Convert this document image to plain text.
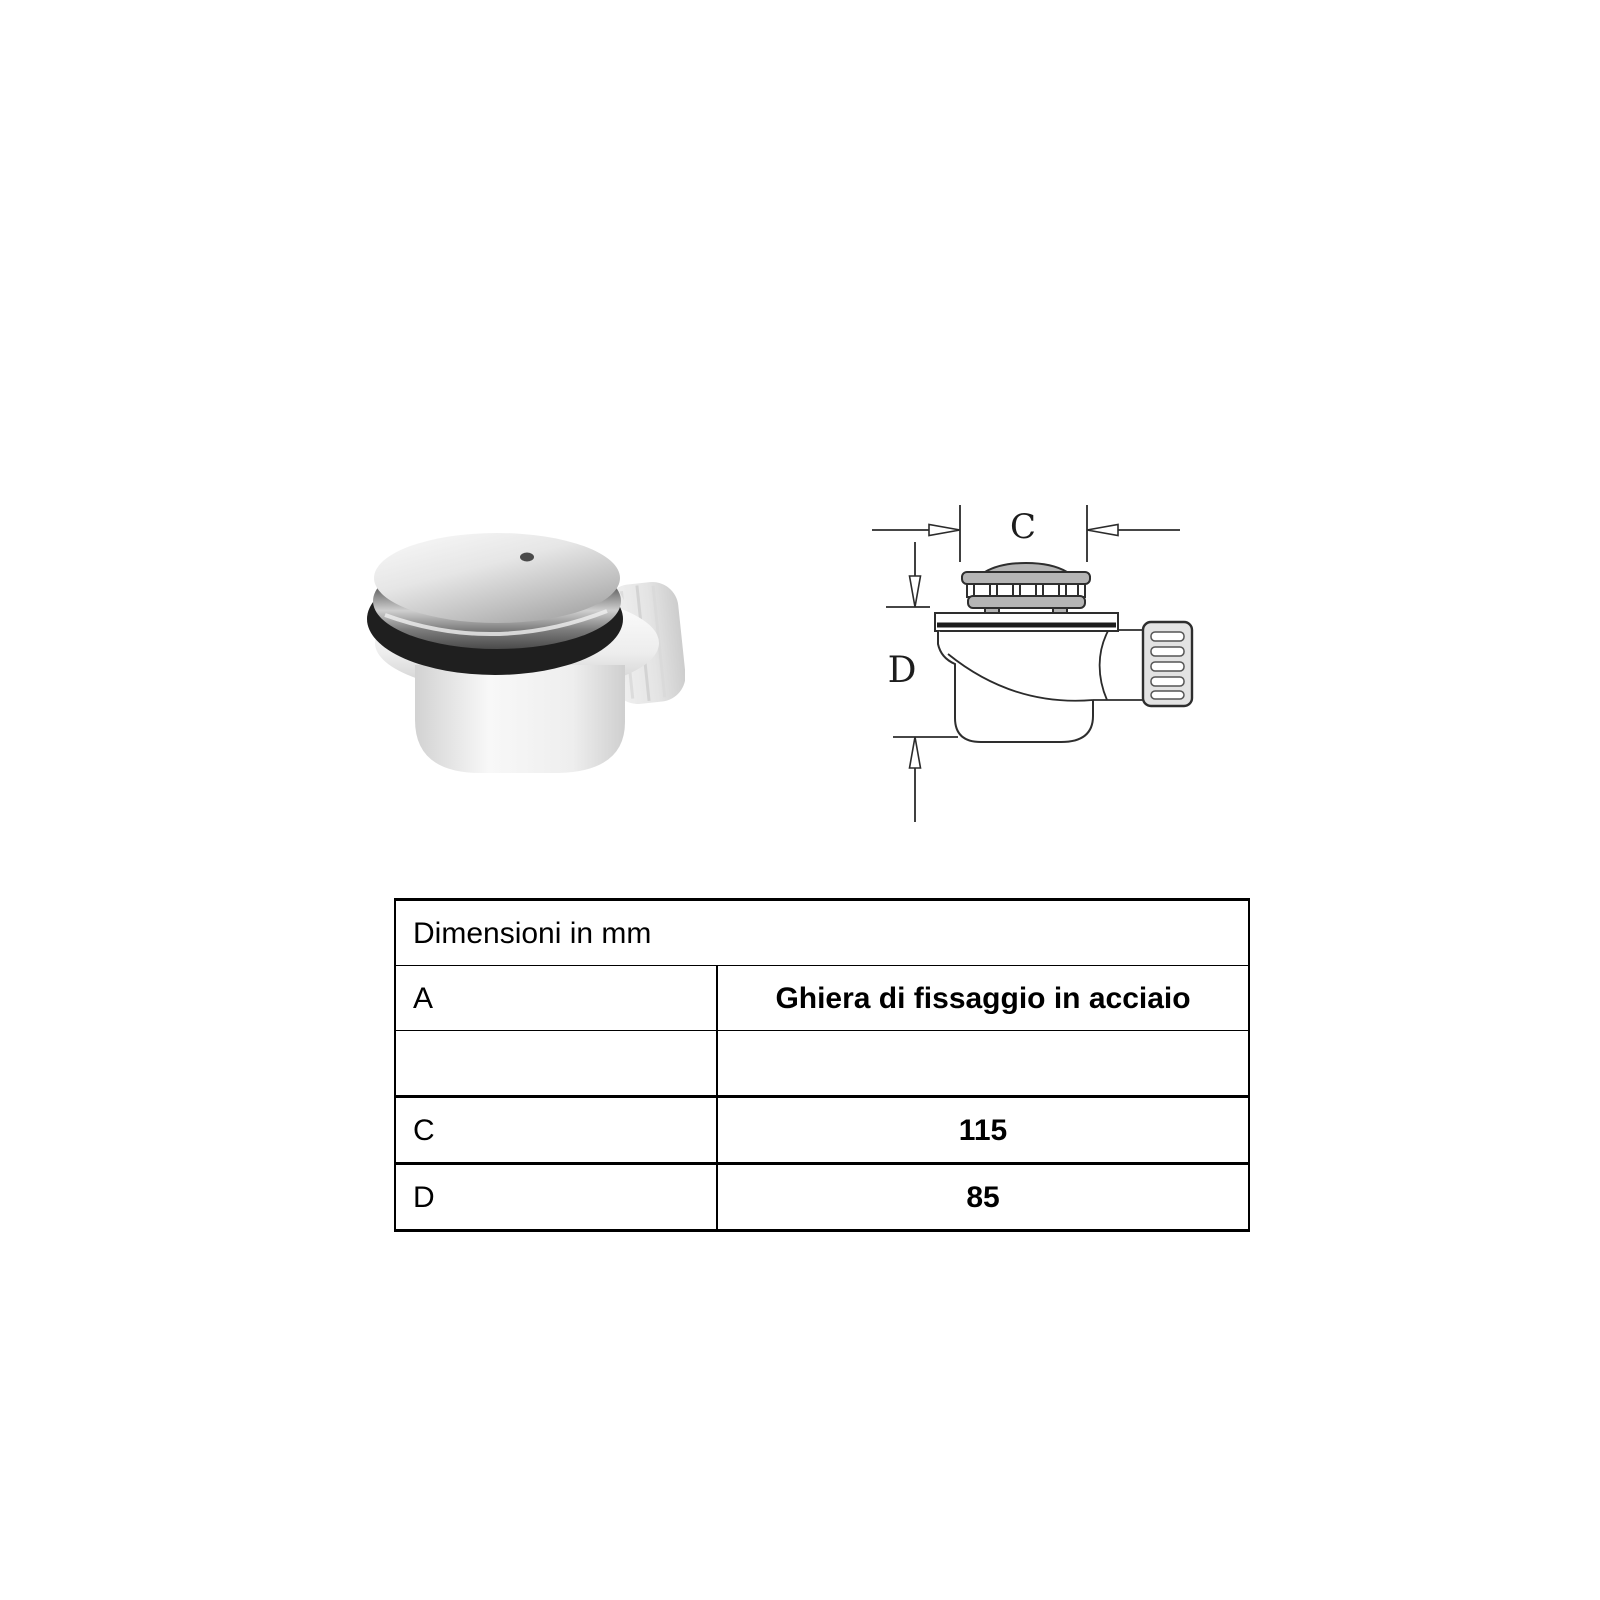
C
D
Dimensioni in mm	
A	Ghiera di fissaggio in acciaio

C	115
D	85
